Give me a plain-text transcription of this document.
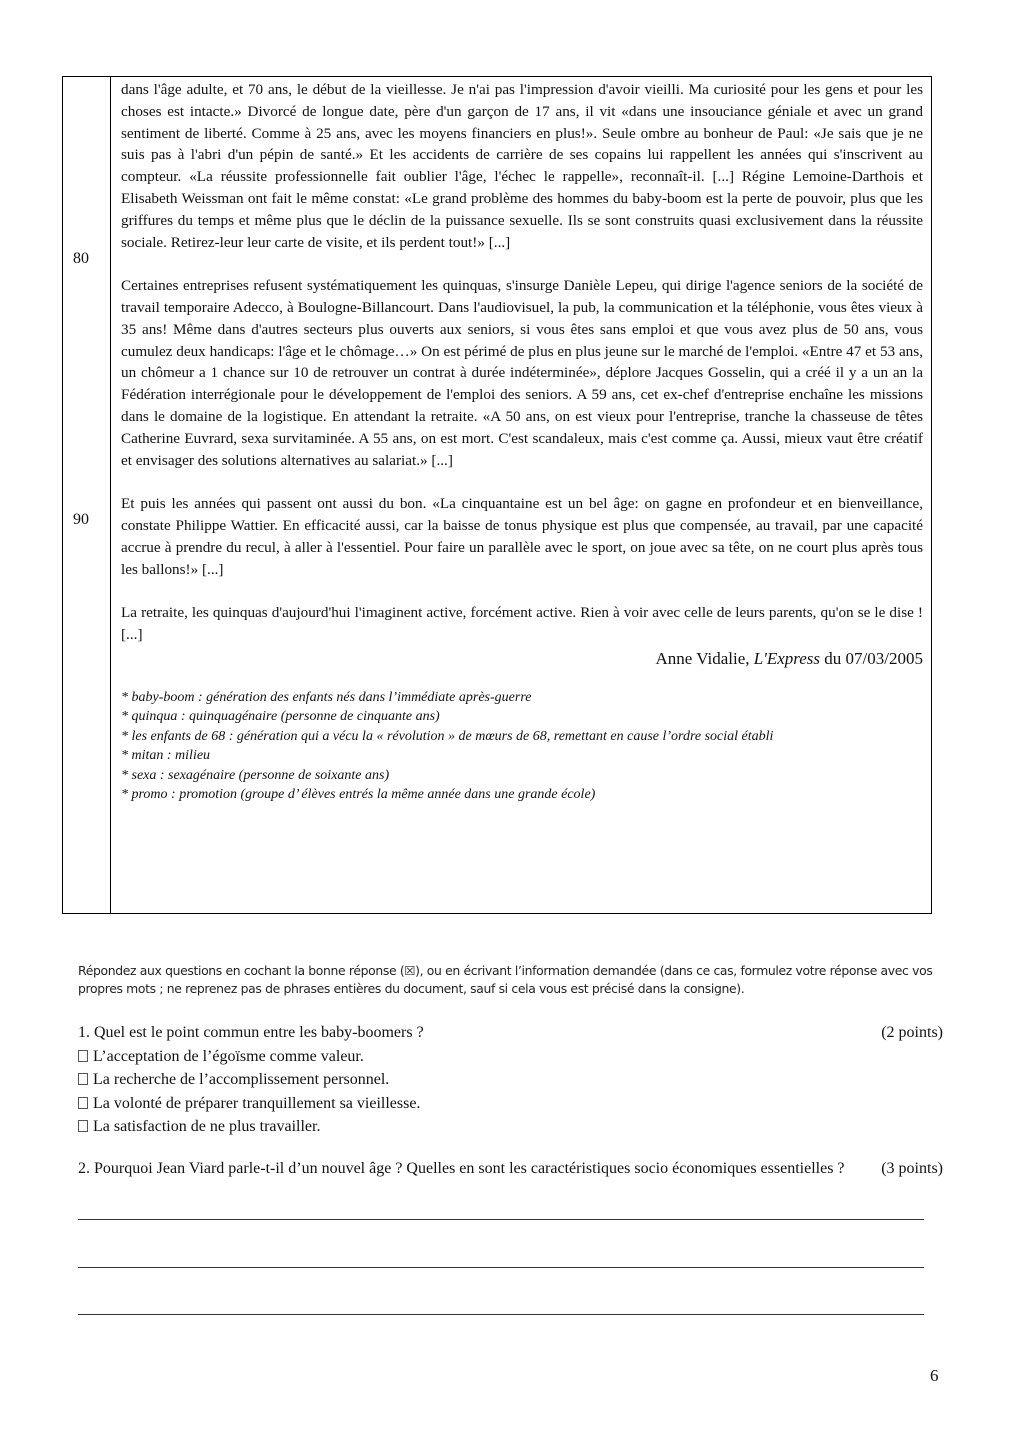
80
90

dans l'âge adulte, et 70 ans, le début de la vieillesse. Je n'ai pas l'impression d'avoir vieilli. Ma curiosité pour les gens et pour les choses est intacte.» Divorcé de longue date, père d'un garçon de 17 ans, il vit «dans une insouciance géniale et avec un grand sentiment de liberté. Comme à 25 ans, avec les moyens financiers en plus!». Seule ombre au bonheur de Paul: «Je sais que je ne suis pas à l'abri d'un pépin de santé.» Et les accidents de carrière de ses copains lui rappellent les années qui s'inscrivent au compteur. «La réussite professionnelle fait oublier l'âge, l'échec le rappelle», reconnaît-il. [...] Régine Lemoine-Darthois et Elisabeth Weissman ont fait le même constat: «Le grand problème des hommes du baby-boom est la perte de pouvoir, plus que les griffures du temps et même plus que le déclin de la puissance sexuelle. Ils se sont construits quasi exclusivement dans la réussite sociale. Retirez-leur leur carte de visite, et ils perdent tout!» [...]

Certaines entreprises refusent systématiquement les quinquas, s'insurge Danièle Lepeu, qui dirige l'agence seniors de la société de travail temporaire Adecco, à Boulogne-Billancourt. Dans l'audiovisuel, la pub, la communication et la téléphonie, vous êtes vieux à 35 ans! Même dans d'autres secteurs plus ouverts aux seniors, si vous êtes sans emploi et que vous avez plus de 50 ans, vous cumulez deux handicaps: l'âge et le chômage…» On est périmé de plus en plus jeune sur le marché de l'emploi. «Entre 47 et 53 ans, un chômeur a 1 chance sur 10 de retrouver un contrat à durée indéterminée», déplore Jacques Gosselin, qui a créé il y a un an la Fédération interrégionale pour le développement de l'emploi des seniors. A 59 ans, cet ex-chef d'entreprise enchaîne les missions dans le domaine de la logistique. En attendant la retraite. «A 50 ans, on est vieux pour l'entreprise, tranche la chasseuse de têtes Catherine Euvrard, sexa survitaminée. A 55 ans, on est mort. C'est scandaleux, mais c'est comme ça. Aussi, mieux vaut être créatif et envisager des solutions alternatives au salariat.» [...]

Et puis les années qui passent ont aussi du bon. «La cinquantaine est un bel âge: on gagne en profondeur et en bienveillance, constate Philippe Wattier. En efficacité aussi, car la baisse de tonus physique est plus que compensée, au travail, par une capacité accrue à prendre du recul, à aller à l'essentiel. Pour faire un parallèle avec le sport, on joue avec sa tête, on ne court plus après tous les ballons!» [...]

La retraite, les quinquas d'aujourd'hui l'imaginent active, forcément active. Rien à voir avec celle de leurs parents, qu'on se le dise ! [...]

Anne Vidalie, L'Express du 07/03/2005

* baby-boom : génération des enfants nés dans l’immédiate après-guerre

* quinqua : quinquagénaire (personne de cinquante ans)

* les enfants de 68 : génération qui a vécu la « révolution » de mœurs de 68, remettant en cause l’ordre social établi

* mitan : milieu

* sexa : sexagénaire (personne de soixante ans)

* promo : promotion (groupe d’ élèves entrés la même année dans une grande école)

Répondez aux questions en cochant la bonne réponse (☒), ou en écrivant l’information demandée (dans ce cas, formulez votre réponse avec vos propres mots ; ne reprenez pas de phrases entières du document, sauf si cela vous est précisé dans la consigne).
1. Quel est le point commun entre les baby-boomers ?	(2 points)
L’acceptation de l’égoïsme comme valeur.
La recherche de l’accomplissement personnel.
La volonté de préparer tranquillement sa vieillesse.
La satisfaction de ne plus travailler.
2. Pourquoi Jean Viard parle-t-il d’un nouvel âge ? Quelles en sont les caractéristiques socio économiques essentielles ? (3 points)
6
